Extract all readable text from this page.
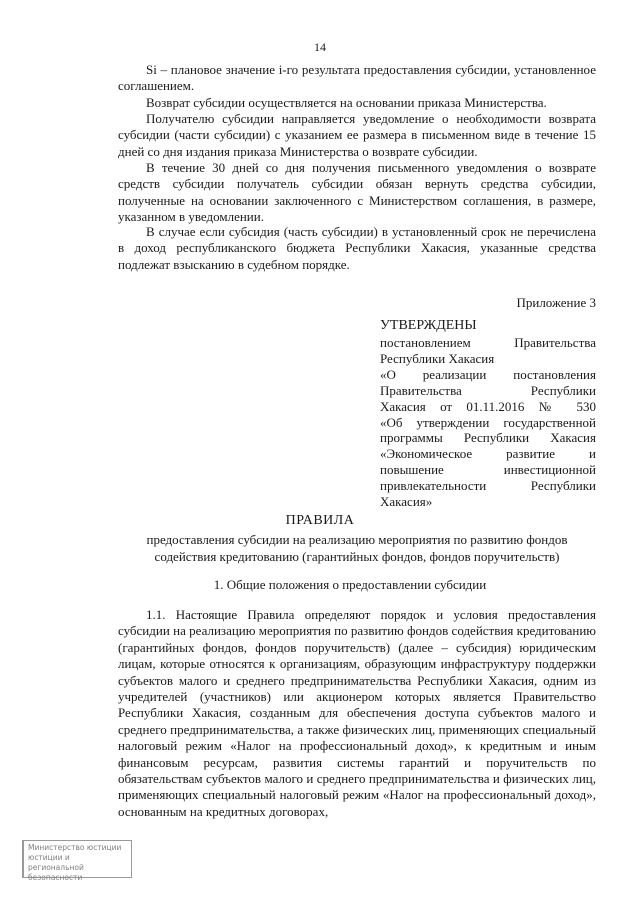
14

Si – плановое значение i-го результата предоставления субсидии, установленное соглашением.

Возврат субсидии осуществляется на основании приказа Министерства.

Получателю субсидии направляется уведомление о необходимости возврата субсидии (части субсидии) с указанием ее размера в письменном виде в течение 15 дней со дня издания приказа Министерства о возврате субсидии.

В течение 30 дней со дня получения письменного уведомления о возврате средств субсидии получатель субсидии обязан вернуть средства субсидии, полученные на основании заключенного с Министерством соглашения, в размере, указанном в уведомлении.

В случае если субсидия (часть субсидии) в установленный срок не перечислена в доход республиканского бюджета Республики Хакасия, указанные средства подлежат взысканию в судебном порядке.

Приложение 3
УТВЕРЖДЕНЫ
постановлением Правительства
Республики Хакасия
«О реализации постановления
Правительства Республики
Хакасия от 01.11.2016 № 530
«Об утверждении государственной
программы Республики Хакасия
«Экономическое развитие и
повышение инвестиционной
привлекательности Республики
Хакасия»
ПРАВИЛА
предоставления субсидии на реализацию мероприятия по развитию фондов содействия кредитованию (гарантийных фондов, фондов поручительств)
1. Общие положения о предоставлении субсидии

1.1. Настоящие Правила определяют порядок и условия предоставления субсидии на реализацию мероприятия по развитию фондов содействия кредитованию (гарантийных фондов, фондов поручительств) (далее – субсидия) юридическим лицам, которые относятся к организациям, образующим инфраструктуру поддержки субъектов малого и среднего предпринимательства Республики Хакасия, одним из учредителей (участников) или акционером которых является Правительство Республики Хакасия, созданным для обеспечения доступа субъектов малого и среднего предпринимательства, а также физических лиц, применяющих специальный налоговый режим «Налог на профессиональный доход», к кредитным и иным финансовым ресурсам, развития системы гарантий и поручительств по обязательствам субъектов малого и среднего предпринимательства и физических лиц, применяющих специальный налоговый режим «Налог на профессиональный доход», основанным на кредитных договорах,

Министерство юстиции
юстиции и региональной
безопасности
